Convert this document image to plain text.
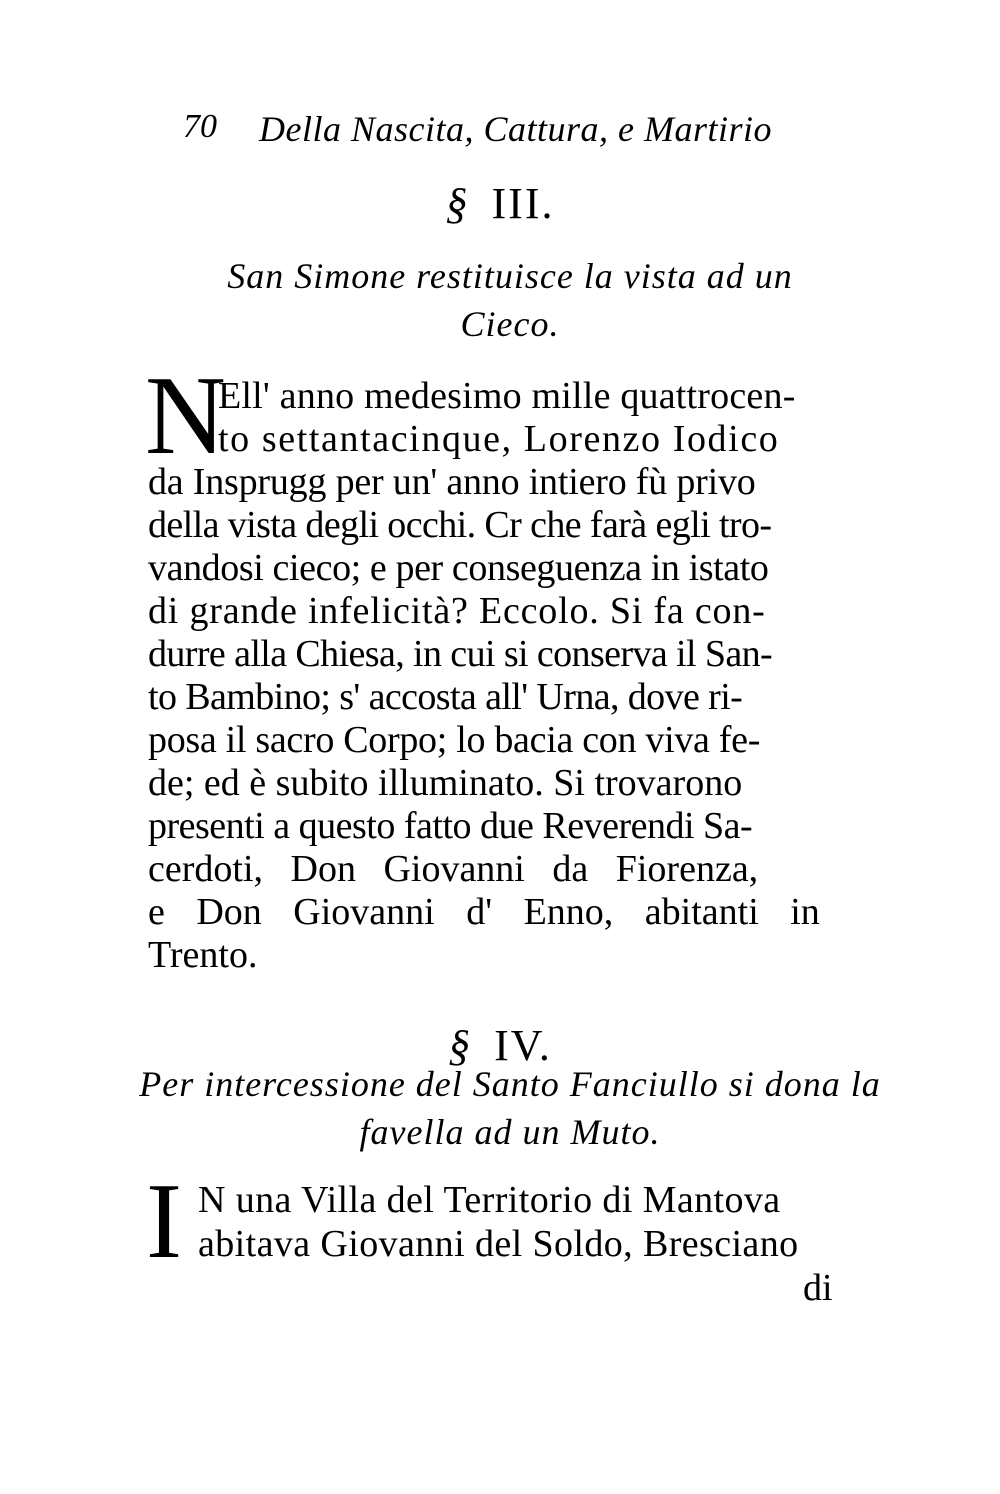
70 Della Nascita, Cattura, e Martirio
§ III.
San Simone restituisce la vista ad un
Cieco.
N
Ell' anno medesimo mille quattrocen-
to settantacinque, Lorenzo Iodico
da Insprugg per un' anno intiero fù privo
della vista degli occhi. Cr che farà egli tro-
vandosi cieco; e per conseguenza in istato
di grande infelicità? Eccolo. Si fa con-
durre alla Chiesa, in cui si conserva il San-
to Bambino; s' accosta all' Urna, dove ri-
posa il sacro Corpo; lo bacia con viva fe-
de; ed è subito illuminato. Si trovarono
presenti a questo fatto due Reverendi Sa-
cerdoti, Don Giovanni da Fiorenza,
e Don Giovanni d' Enno, abitanti in
Trento.
§ IV.
Per intercessione del Santo Fanciullo si dona la
favella ad un Muto.
I N una Villa del Territorio di Mantova
abitava Giovanni del Soldo, Bresciano
di
